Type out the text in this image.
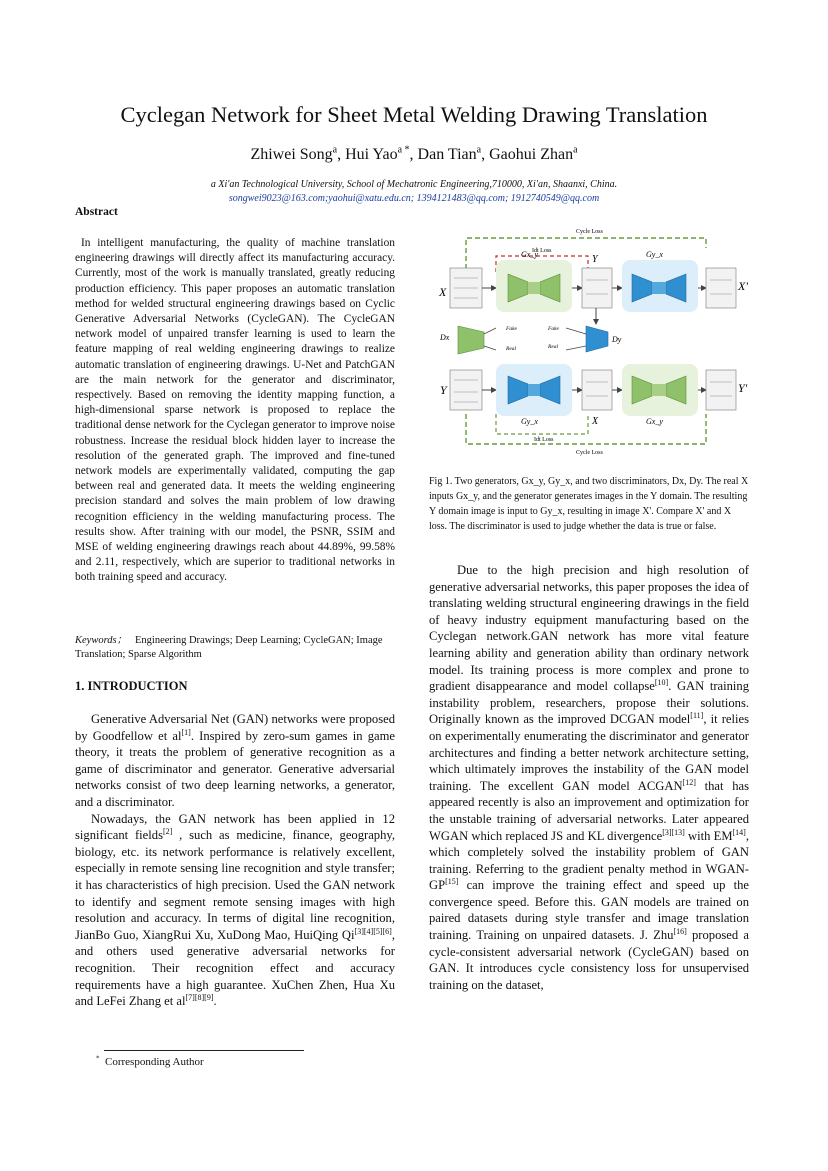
Cyclegan Network for Sheet Metal Welding Drawing Translation
Zhiwei Song$^a$, Hui Yao$^{a *}$, Dan Tian$^a$, Gaohui Zhan$^a$
a Xi'an Technological University, School of Mechatronic Engineering,710000, Xi'an, Shaanxi, China.
songwei9023@163.com;yaohui@xatu.edu.cn; 1394121483@qq.com; 1912740549@qq.com
Abstract
In intelligent manufacturing, the quality of machine translation engineering drawings will directly affect its manufacturing accuracy. Currently, most of the work is manually translated, greatly reducing production efficiency. This paper proposes an automatic translation method for welded structural engineering drawings based on Cyclic Generative Adversarial Networks (CycleGAN). The CycleGAN network model of unpaired transfer learning is used to learn the feature mapping of real welding engineering drawings to realize automatic translation of engineering drawings. U-Net and PatchGAN are the main network for the generator and discriminator, respectively. Based on removing the identity mapping function, a high-dimensional sparse network is proposed to replace the traditional dense network for the Cyclegan generator to improve noise robustness. Increase the residual block hidden layer to increase the resolution of the generated graph. The improved and fine-tuned network models are experimentally validated, computing the gap between real and generated data. It meets the welding engineering precision standard and solves the main problem of low drawing recognition efficiency in the welding manufacturing process. The results show. After training with our model, the PSNR, SSIM and MSE of welding engineering drawings reach about 44.89%, 99.58% and 2.11, respectively, which are superior to traditional networks in both training speed and accuracy.
Keywords； Engineering Drawings; Deep Learning; CycleGAN; Image Translation; Sparse Algorithm
1. INTRODUCTION

Generative Adversarial Net (GAN) networks were proposed by Goodfellow et al[1]. Inspired by zero-sum games in game theory, it treats the problem of generative recognition as a game of discriminator and generator. Generative adversarial networks consist of two deep learning networks, a generator, and a discriminator.

Nowadays, the GAN network has been applied in 12 significant fields[2] , such as medicine, finance, geography, biology, etc. its network performance is relatively excellent, especially in remote sensing line recognition and style transfer; it has characteristics of high precision. Used the GAN network to identify and segment remote sensing images with high resolution and accuracy. In terms of digital line recognition, JianBo Guo, XiangRui Xu, XuDong Mao, HuiQing Qi[3][4][5][6], and others used generative adversarial networks for recognition. Their recognition effect and accuracy requirements have a high guarantee. XuChen Zhen, Hua Xu and LeFei Zhang et al[7][8][9].

Cycle Loss
Idt Loss
X
Gx_y	Y	Gy_x
X'
Dx
Fake
Real
Fake
Real
Dy
Y
Gy_x	X	Gx_y
Y'
Idt Loss
Cycle Loss
Fig 1. Two generators, Gx_y, Gy_x, and two discriminators, Dx, Dy. The real X inputs Gx_y, and the generator generates images in the Y domain. The resulting Y domain image is input to Gy_x, resulting in image X'. Compare X' and X loss. The discriminator is used to judge whether the data is true or false.

Due to the high precision and high resolution of generative adversarial networks, this paper proposes the idea of translating welding structural engineering drawings in the field of heavy industry equipment manufacturing based on the Cyclegan network.GAN network has more vital feature learning ability and generation ability than ordinary network model. Its training process is more complex and prone to gradient disappearance and model collapse[10]. GAN training instability problem, researchers, propose their solutions. Originally known as the improved DCGAN model[11], it relies on experimentally enumerating the discriminator and generator architectures and finding a better network architecture setting, which ultimately improves the instability of the GAN model training. The excellent GAN model ACGAN[12] that has appeared recently is also an improvement and optimization for the unstable training of adversarial networks. Later appeared WGAN which replaced JS and KL divergence[3][13] with EM[14], which completely solved the instability problem of GAN training. Referring to the gradient penalty method in WGAN-GP[15] can improve the training effect and speed up the convergence speed. Before this. GAN models are trained on paired datasets during style transfer and image translation training. Training on unpaired datasets. J. Zhu[16] proposed a cycle-consistent adversarial network (CycleGAN) based on GAN. It introduces cycle consistency loss for unsupervised training on the dataset,

* Corresponding Author
